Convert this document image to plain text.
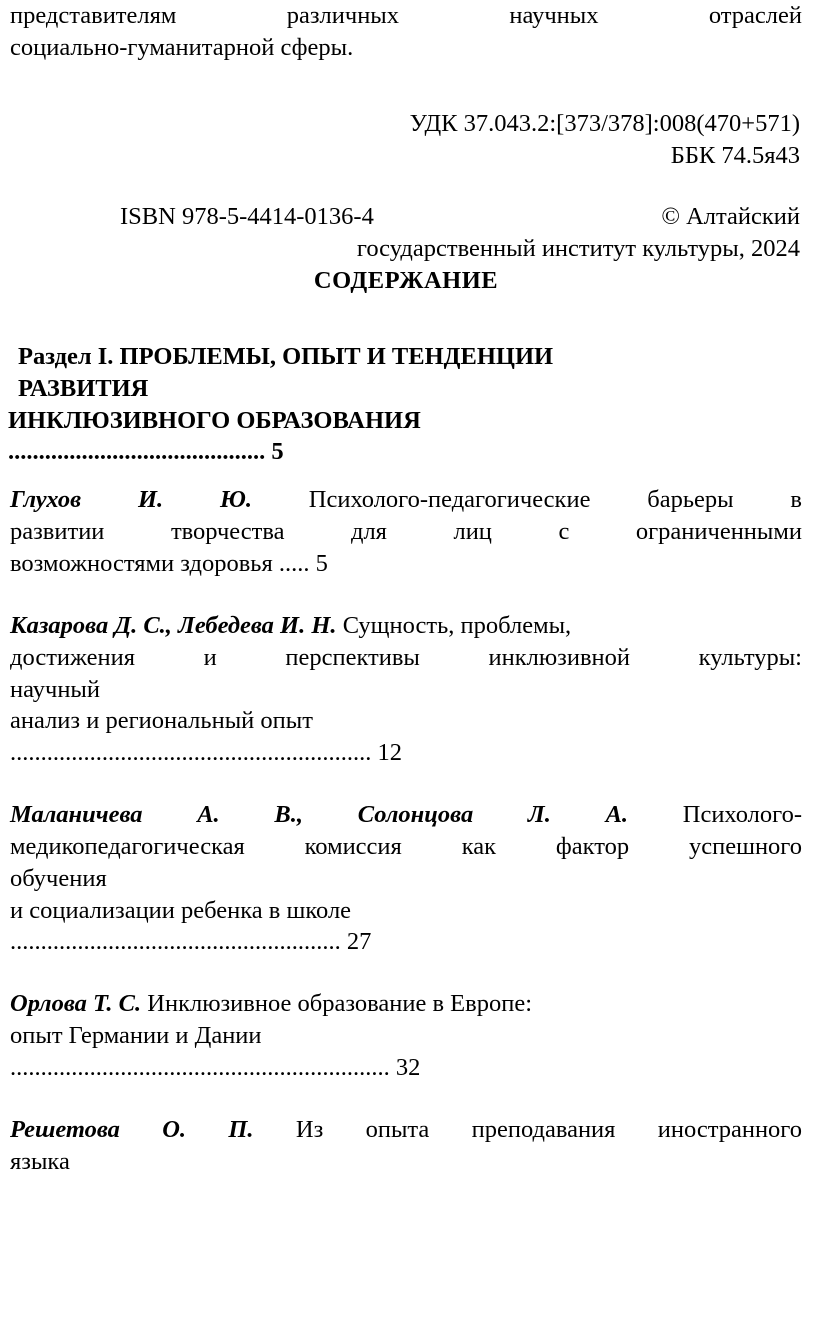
представителям различных научных отраслей
социально-гуманитарной сферы.
УДК 37.043.2:[373/378]:008(470+571)
ББК 74.5я43
ISBN 978-5-4414-0136-4	© Алтайский
государственный институт культуры, 2024
СОДЕРЖАНИЕ
Раздел I. ПРОБЛЕМЫ, ОПЫТ И ТЕНДЕНЦИИ
РАЗВИТИЯ
ИНКЛЮЗИВНОГО ОБРАЗОВАНИЯ
.......................................... 5
Глухов И. Ю. Психолого-педагогические барьеры в
развитии творчества для лиц с ограниченными
возможностями здоровья ..... 5
Казарова Д. С., Лебедева И. Н. Сущность, проблемы,
достижения и перспективы инклюзивной культуры:
научный
анализ и региональный опыт
........................................................... 12
Маланичева А. В., Солонцова Л. А. Психолого-
медикопедагогическая комиссия как фактор успешного
обучения
и социализации ребенка в школе
...................................................... 27
Орлова Т. С. Инклюзивное образование в Европе:
опыт Германии и Дании
.............................................................. 32
Решетова О. П. Из опыта преподавания иностранного
языка
